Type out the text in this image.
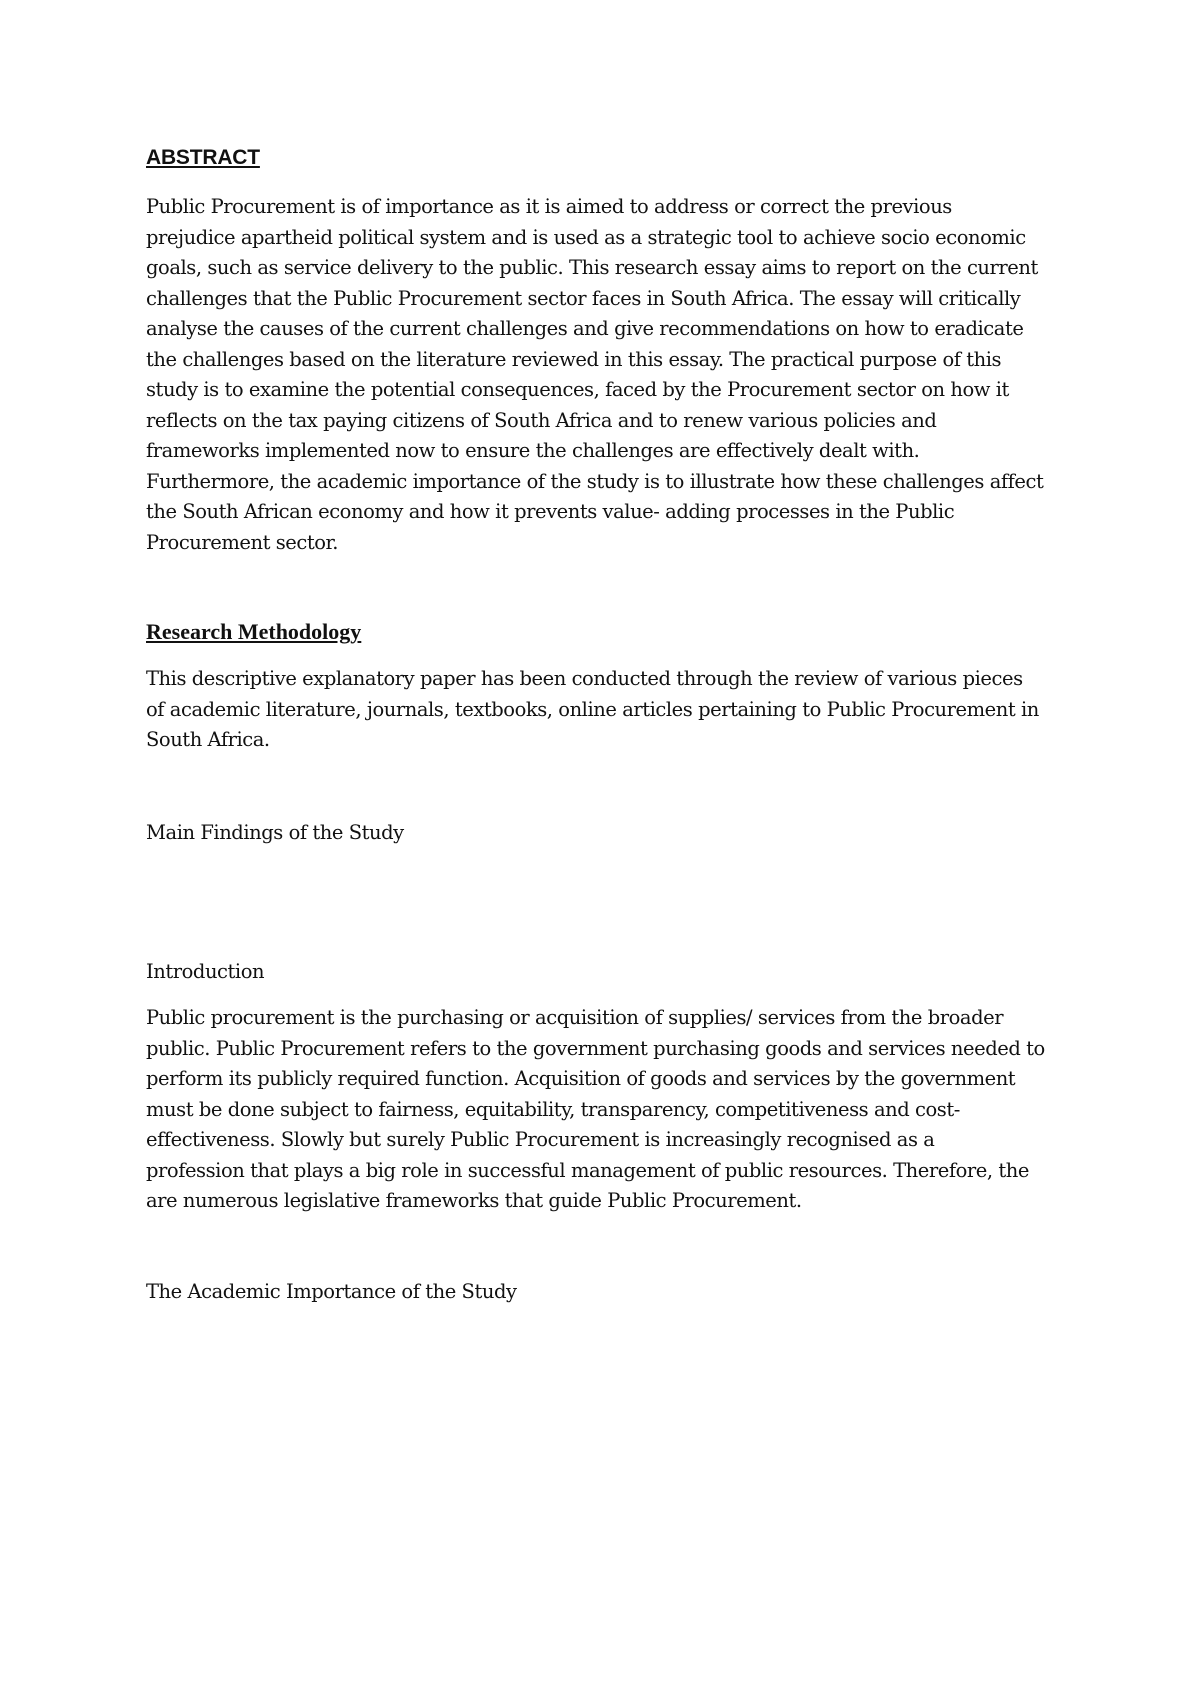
ABSTRACT
Public Procurement is of importance as it is aimed to address or correct the previous
prejudice apartheid political system and is used as a strategic tool to achieve socio economic
goals, such as service delivery to the public. This research essay aims to report on the current
challenges that the Public Procurement sector faces in South Africa. The essay will critically
analyse the causes of the current challenges and give recommendations on how to eradicate
the challenges based on the literature reviewed in this essay. The practical purpose of this
study is to examine the potential consequences, faced by the Procurement sector on how it
reflects on the tax paying citizens of South Africa and to renew various policies and
frameworks implemented now to ensure the challenges are effectively dealt with.
Furthermore, the academic importance of the study is to illustrate how these challenges affect
the South African economy and how it prevents value- adding processes in the Public
Procurement sector.
Research Methodology
This descriptive explanatory paper has been conducted through the review of various pieces
of academic literature, journals, textbooks, online articles pertaining to Public Procurement in
South Africa.
Main Findings of the Study
Introduction
Public procurement is the purchasing or acquisition of supplies/ services from the broader
public. Public Procurement refers to the government purchasing goods and services needed to
perform its publicly required function. Acquisition of goods and services by the government
must be done subject to fairness, equitability, transparency, competitiveness and cost-
effectiveness. Slowly but surely Public Procurement is increasingly recognised as a
profession that plays a big role in successful management of public resources. Therefore, the
are numerous legislative frameworks that guide Public Procurement.
The Academic Importance of the Study
